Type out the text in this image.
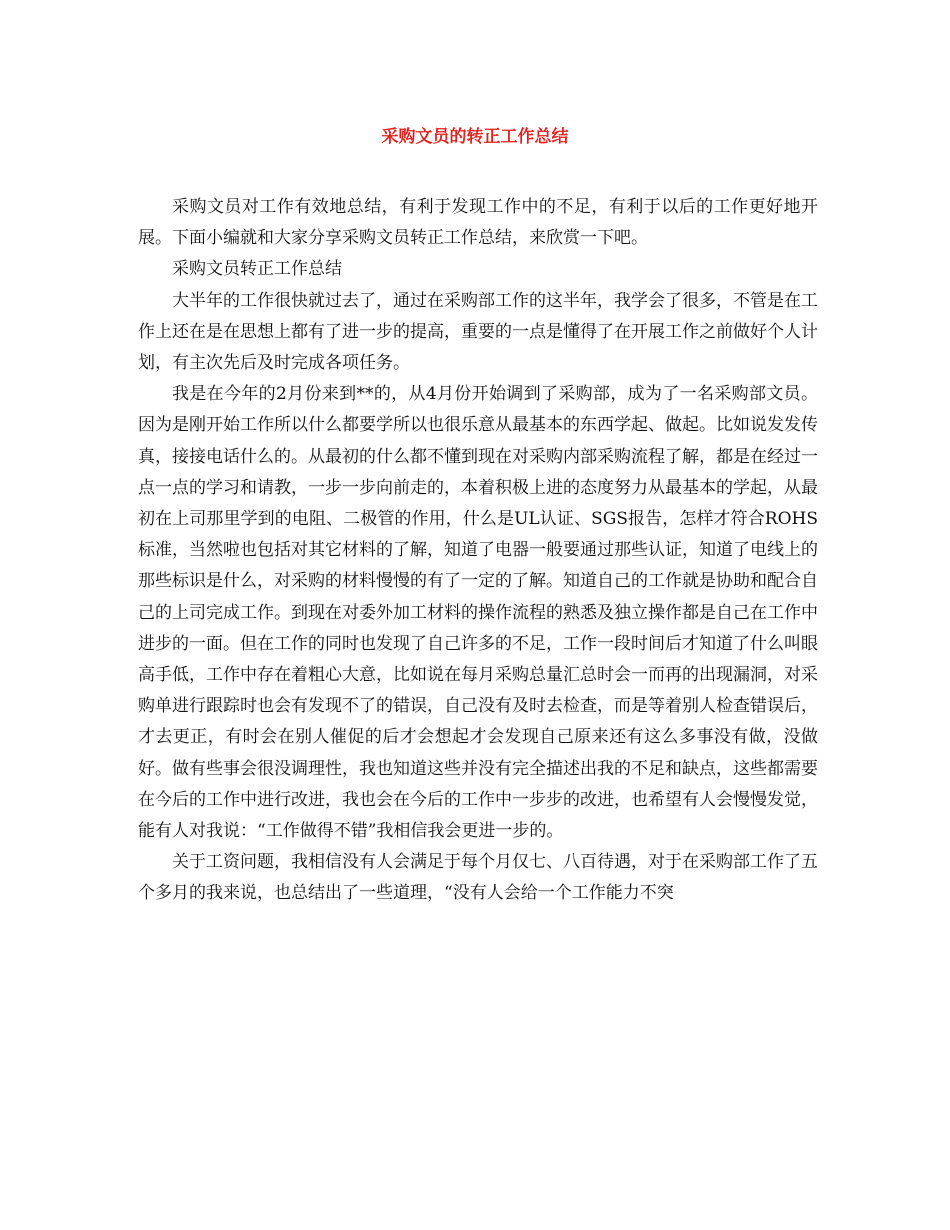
采购文员的转正工作总结

采购文员对工作有效地总结，有利于发现工作中的不足，有利于以后的工作更好地开展。下面小编就和大家分享采购文员转正工作总结，来欣赏一下吧。

采购文员转正工作总结

大半年的工作很快就过去了，通过在采购部工作的这半年，我学会了很多，不管是在工作上还在是在思想上都有了进一步的提高，重要的一点是懂得了在开展工作之前做好个人计划，有主次先后及时完成各项任务。

我是在今年的2月份来到**的，从4月份开始调到了采购部，成为了一名采购部文员。因为是刚开始工作所以什么都要学所以也很乐意从最基本的东西学起、做起。比如说发发传真，接接电话什么的。从最初的什么都不懂到现在对采购内部采购流程了解，都是在经过一点一点的学习和请教，一步一步向前走的，本着积极上进的态度努力从最基本的学起，从最初在上司那里学到的电阻、二极管的作用，什么是UL认证、SGS报告，怎样才符合ROHS标准，当然啦也包括对其它材料的了解，知道了电器一般要通过那些认证，知道了电线上的那些标识是什么，对采购的材料慢慢的有了一定的了解。知道自己的工作就是协助和配合自己的上司完成工作。到现在对委外加工材料的操作流程的熟悉及独立操作都是自己在工作中进步的一面。但在工作的同时也发现了自己许多的不足，工作一段时间后才知道了什么叫眼高手低，工作中存在着粗心大意，比如说在每月采购总量汇总时会一而再的出现漏洞，对采购单进行跟踪时也会有发现不了的错误，自己没有及时去检查，而是等着别人检查错误后，才去更正，有时会在别人催促的后才会想起才会发现自己原来还有这么多事没有做，没做好。做有些事会很没调理性，我也知道这些并没有完全描述出我的不足和缺点，这些都需要在今后的工作中进行改进，我也会在今后的工作中一步步的改进，也希望有人会慢慢发觉，能有人对我说：“工作做得不错”我相信我会更进一步的。

关于工资问题，我相信没有人会满足于每个月仅七、八百待遇，对于在采购部工作了五个多月的我来说，也总结出了一些道理，“没有人会给一个工作能力不突
